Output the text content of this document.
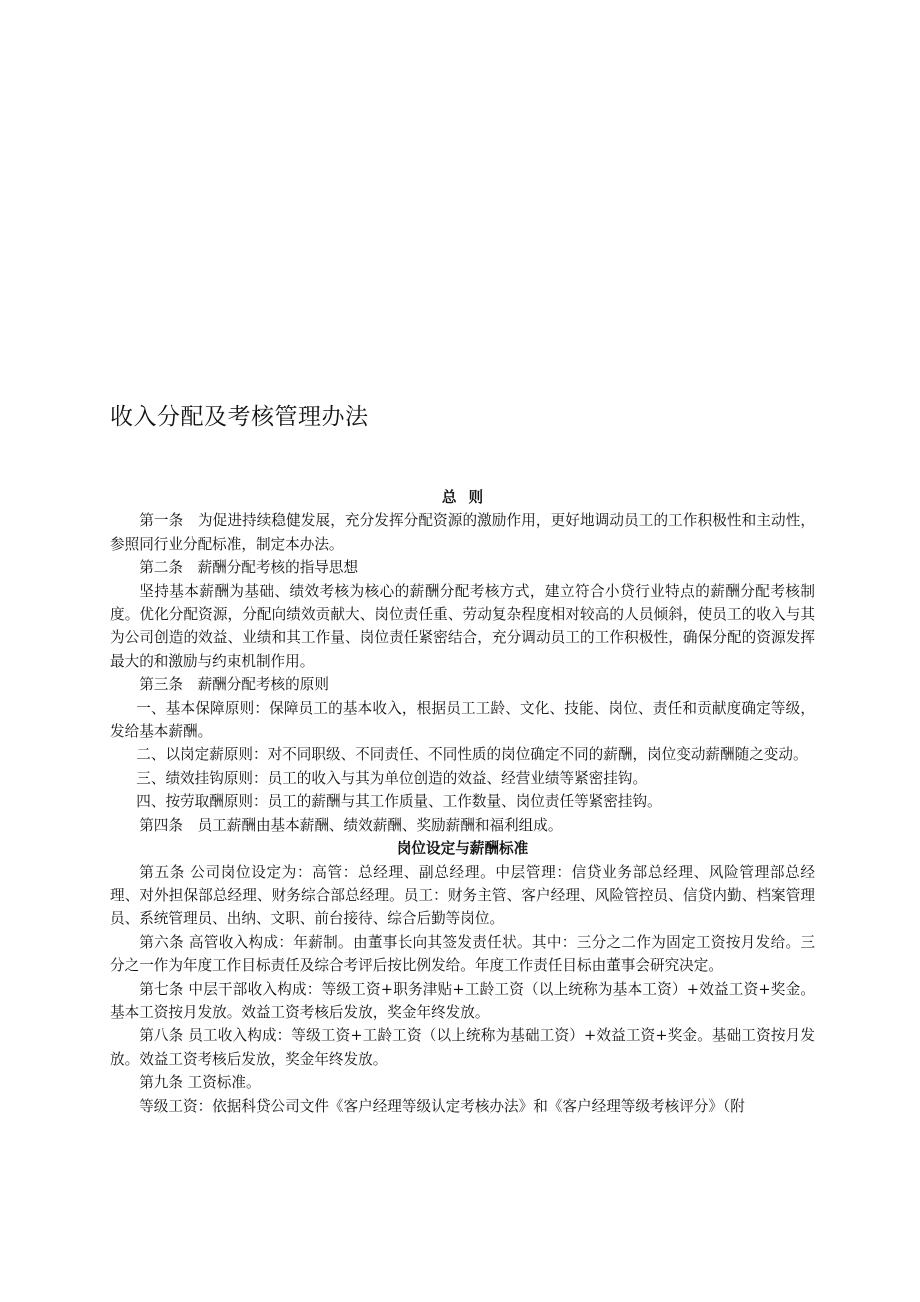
收入分配及考核管理办法

总则

第一条　为促进持续稳健发展，充分发挥分配资源的激励作用，更好地调动员工的工作积极性和主动性，参照同行业分配标准，制定本办法。

第二条　薪酬分配考核的指导思想

坚持基本薪酬为基础、绩效考核为核心的薪酬分配考核方式，建立符合小贷行业特点的薪酬分配考核制度。优化分配资源，分配向绩效贡献大、岗位责任重、劳动复杂程度相对较高的人员倾斜，使员工的收入与其为公司创造的效益、业绩和其工作量、岗位责任紧密结合，充分调动员工的工作积极性，确保分配的资源发挥最大的和激励与约束机制作用。

第三条　薪酬分配考核的原则

一、基本保障原则：保障员工的基本收入，根据员工工龄、文化、技能、岗位、责任和贡献度确定等级，发给基本薪酬。

二、以岗定薪原则：对不同职级、不同责任、不同性质的岗位确定不同的薪酬，岗位变动薪酬随之变动。

三、绩效挂钩原则：员工的收入与其为单位创造的效益、经营业绩等紧密挂钩。

四、按劳取酬原则：员工的薪酬与其工作质量、工作数量、岗位责任等紧密挂钩。

第四条　员工薪酬由基本薪酬、绩效薪酬、奖励薪酬和福利组成。

岗位设定与薪酬标准

第五条 公司岗位设定为：高管：总经理、副总经理。中层管理：信贷业务部总经理、风险管理部总经理、对外担保部总经理、财务综合部总经理。员工：财务主管、客户经理、风险管控员、信贷内勤、档案管理员、系统管理员、出纳、文职、前台接待、综合后勤等岗位。

第六条 高管收入构成：年薪制。由董事长向其签发责任状。其中：三分之二作为固定工资按月发给。三分之一作为年度工作目标责任及综合考评后按比例发给。年度工作责任目标由董事会研究决定。

第七条 中层干部收入构成：等级工资+职务津贴+工龄工资（以上统称为基本工资）+效益工资+奖金。基本工资按月发放。效益工资考核后发放，奖金年终发放。

第八条 员工收入构成：等级工资+工龄工资（以上统称为基础工资）+效益工资+奖金。基础工资按月发放。效益工资考核后发放，奖金年终发放。

第九条 工资标准。

等级工资：依据科贷公司文件《客户经理等级认定考核办法》和《客户经理等级考核评分》（附
